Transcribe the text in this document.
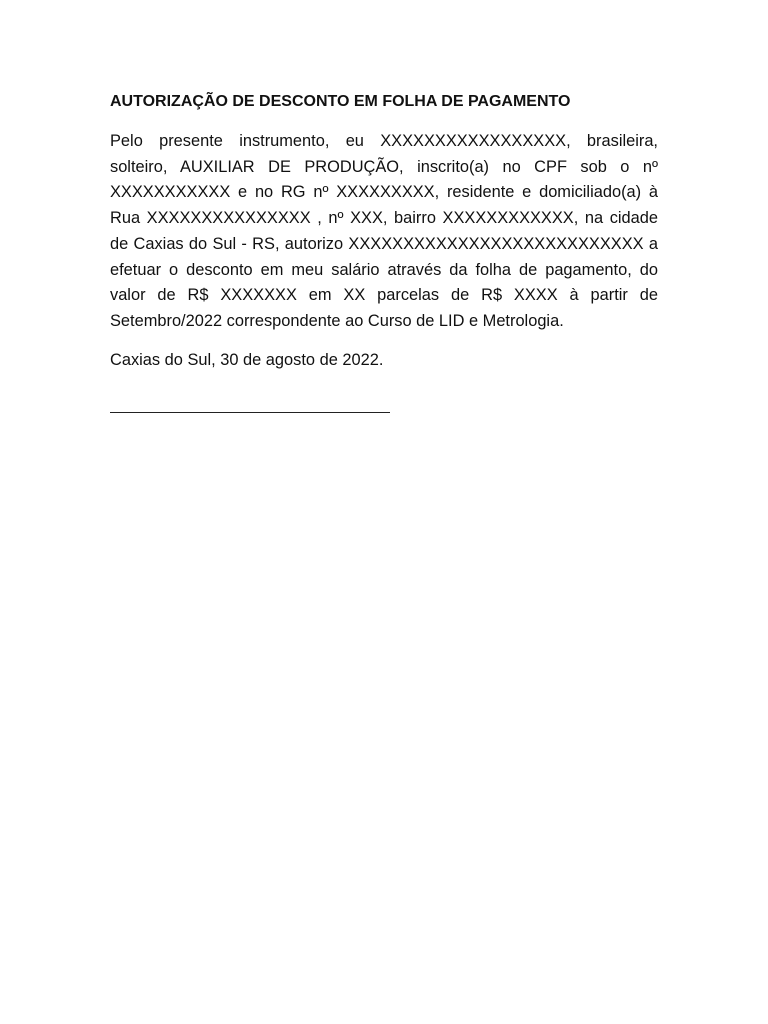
AUTORIZAÇÃO DE DESCONTO EM FOLHA DE PAGAMENTO

Pelo presente instrumento, eu XXXXXXXXXXXXXXXXX, brasileira, solteiro, AUXILIAR DE PRODUÇÃO, inscrito(a) no CPF sob o nº XXXXXXXXXXX e no RG nº XXXXXXXXX, residente e domiciliado(a) à Rua XXXXXXXXXXXXXXX , nº XXX, bairro XXXXXXXXXXXX, na cidade de Caxias do Sul - RS, autorizo XXXXXXXXXXXXXXXXXXXXXXXXXXX a efetuar o desconto em meu salário através da folha de pagamento, do valor de R$ XXXXXXX em XX parcelas de R$ XXXX à partir de Setembro/2022 correspondente ao Curso de LID e Metrologia.

Caxias do Sul, 30 de agosto de 2022.
